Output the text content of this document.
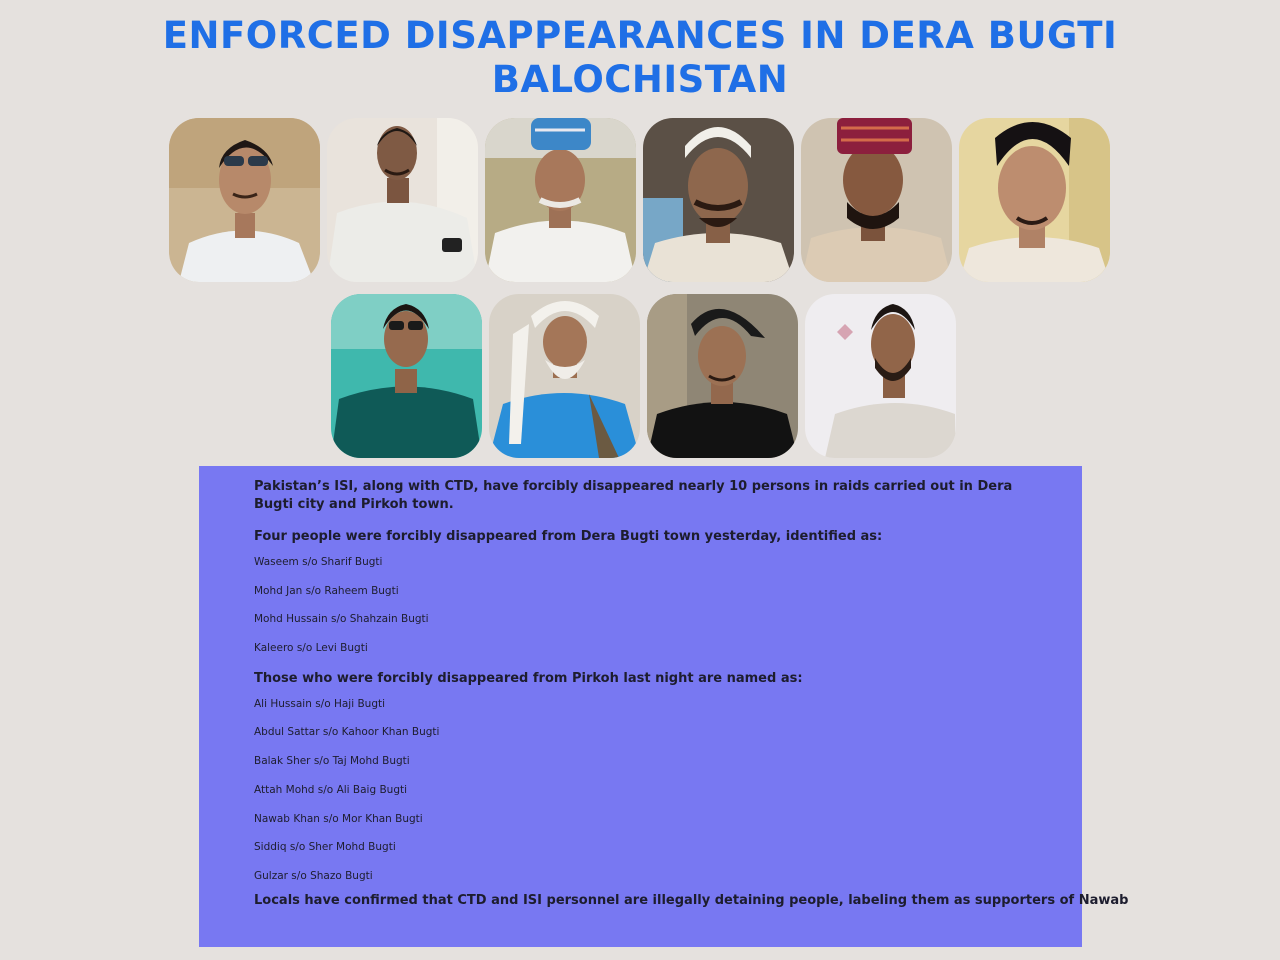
ENFORCED DISAPPEARANCES IN DERA BUGTI
BALOCHISTAN

Pakistan’s ISI, along with CTD, have forcibly disappeared nearly 10 persons in raids carried out in Dera Bugti city and Pirkoh town.

Four people were forcibly disappeared from Dera Bugti town yesterday, identified as:

Waseem s/o Sharif Bugti
Mohd Jan s/o Raheem Bugti
Mohd Hussain s/o Shahzain Bugti
Kaleero s/o Levi Bugti

Those who were forcibly disappeared from Pirkoh last night are named as:

Ali Hussain s/o Haji Bugti
Abdul Sattar s/o Kahoor Khan Bugti
Balak Sher s/o Taj Mohd Bugti
Attah Mohd s/o Ali Baig Bugti
Nawab Khan s/o Mor Khan Bugti
Siddiq s/o Sher Mohd Bugti
Gulzar s/o Shazo Bugti
Locals have confirmed that CTD and ISI personnel are illegally detaining people, labeling them as supporters of Nawab
